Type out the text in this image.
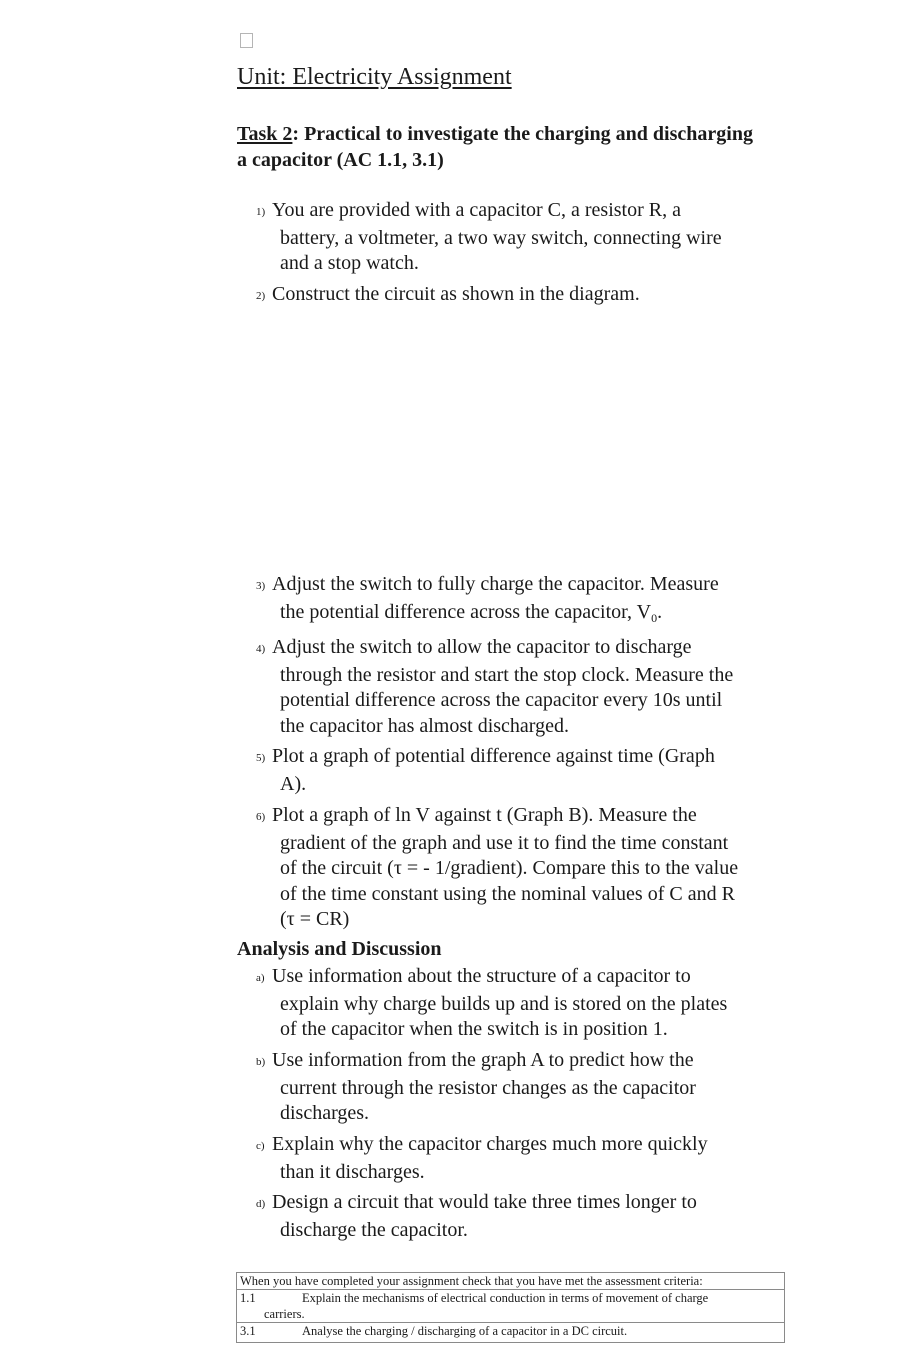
Unit: Electricity Assignment
Task 2: Practical to investigate the charging and discharging a capacitor (AC 1.1, 3.1)
1) You are provided with a capacitor C, a resistor R, a
battery, a voltmeter, a two way switch, connecting wire
and a stop watch.
2) Construct the circuit as shown in the diagram.
3) Adjust the switch to fully charge the capacitor. Measure
the potential difference across the capacitor, $V_0$.
4) Adjust the switch to allow the capacitor to discharge
through the resistor and start the stop clock. Measure the
potential difference across the capacitor every 10s until
the capacitor has almost discharged.
5) Plot a graph of potential difference against time (Graph
A).
6) Plot a graph of ln V against t (Graph B). Measure the
gradient of the graph and use it to find the time constant
of the circuit (τ = - 1/gradient). Compare this to the value
of the time constant using the nominal values of C and R
(τ = CR)
Analysis and Discussion
a) Use information about the structure of a capacitor to
explain why charge builds up and is stored on the plates
of the capacitor when the switch is in position 1.
b) Use information from the graph A to predict how the
current through the resistor changes as the capacitor
discharges.
c) Explain why the capacitor charges much more quickly
than it discharges.
d) Design a circuit that would take three times longer to
discharge the capacitor.
When you have completed your assignment check that you have met the assessment criteria:
1.1	Explain the mechanisms of electrical conduction in terms of movement of charge
carriers.
3.1	Analyse the charging / discharging of a capacitor in a DC circuit.
